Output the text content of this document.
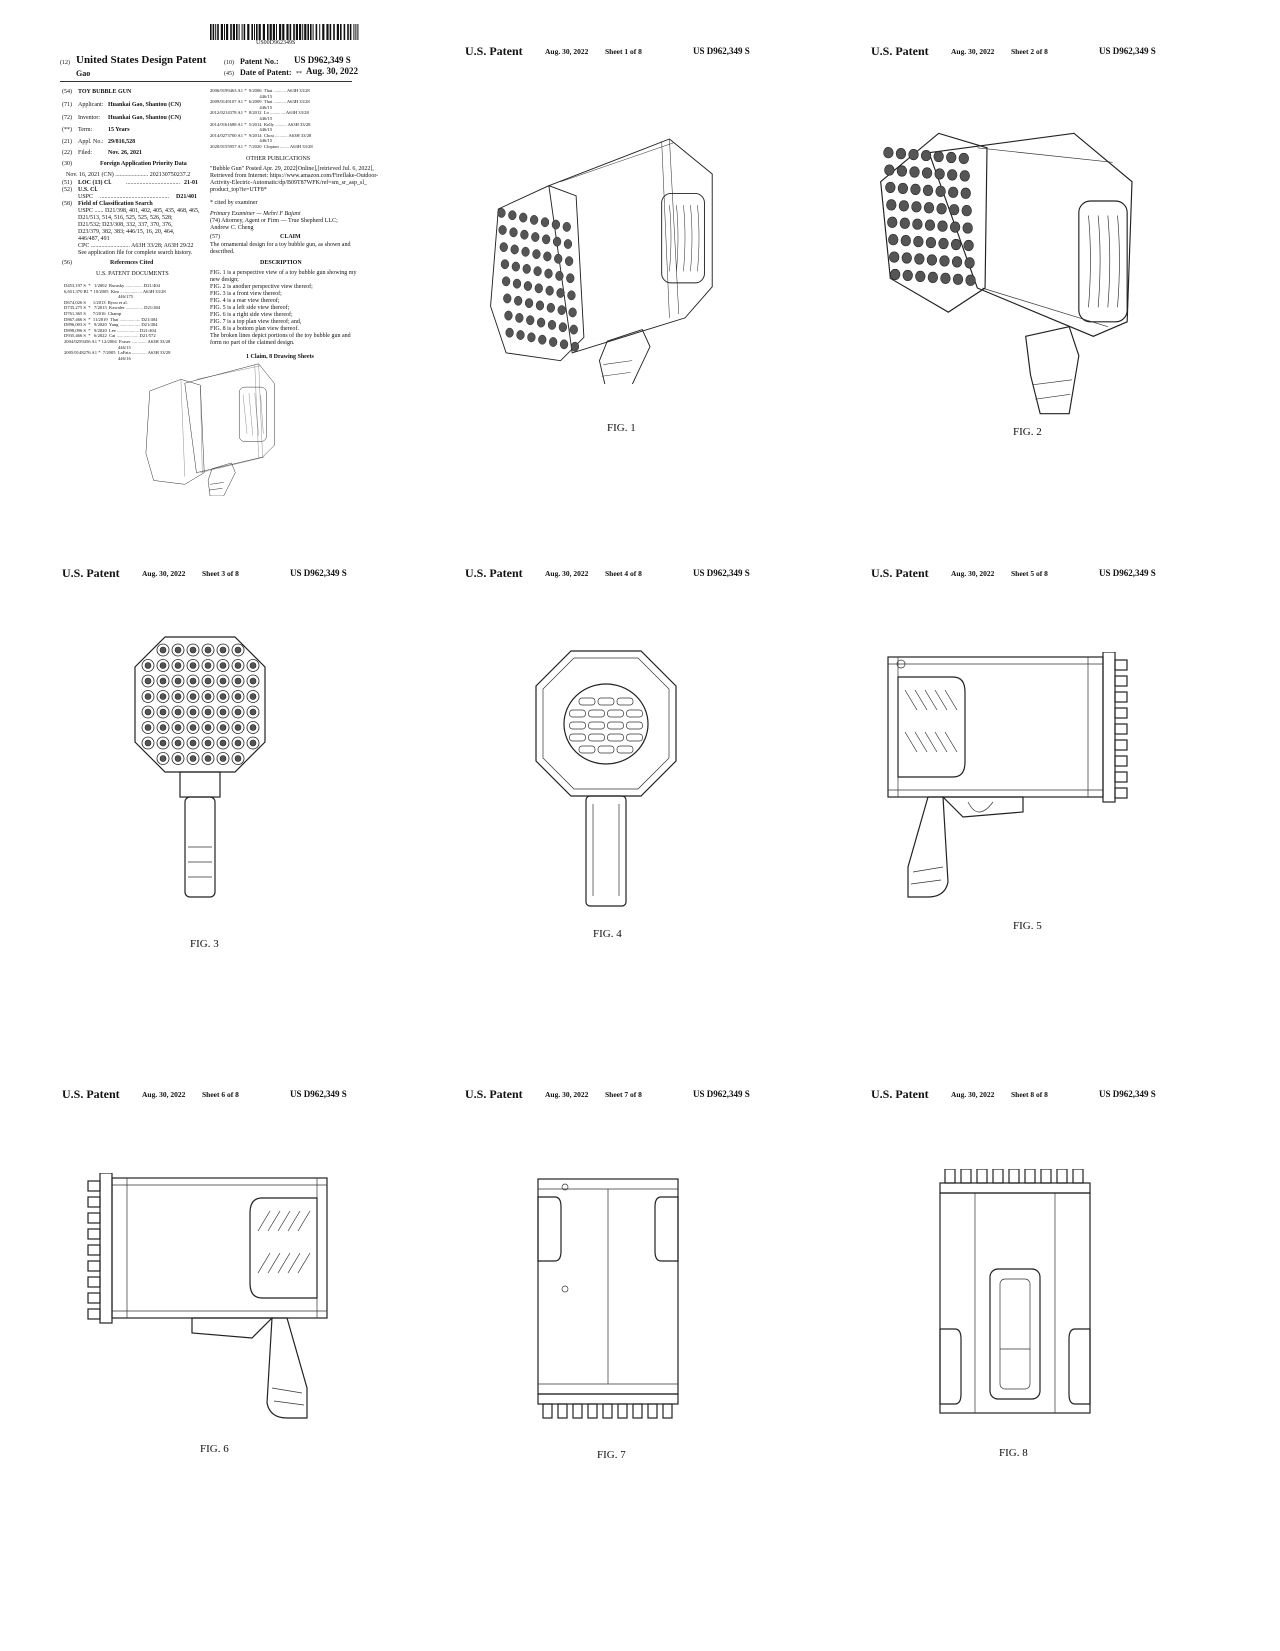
US00D962349S
(12) United States Design Patent
Gao
(10) Patent No.: US D962,349 S
(45) Date of Patent: ** Aug. 30, 2022
(54) TOY BUBBLE GUN
(71) Applicant: Huankai Gao, Shantou (CN)
(72) Inventor: Huankai Gao, Shantou (CN)
(**) Term:	15 Years
(21) Appl. No.: 29/816,528
(22) Filed:	Nov. 26, 2021
(30)	Foreign Application Priority Data
Nov. 16, 2021 (CN) ...................... 202130750237.2
(51) LOC (13) Cl. .................................... 21-01
(52) U.S. Cl.
USPC .............................................. D21/401
(58) Field of Classification Search
USPC ...... D21/398, 401, 402, 405, 435, 468, 465,
D21/513, 514, 516, 525, 525, 526, 528;
D21/532; D23/308, 332, 337, 370, 376,
D23/379, 382, 383; 446/15, 16, 20, 464,
446/487, 491
CPC .......................... A63H 33/28; A63H 29/22
See application file for complete search history.
(56)	References Cited
U.S. PATENT DOCUMENTS
D453,197 S  *   1/2002  Rurasky ............... D21/404
6,651,370 B1 * 10/2005  Kim ................... A63H 33/28
446/175
D674,026 S      1/2013  Ryou et al.
D735,275 S  *   7/2015  Kawaler ............... D21/404
D761,365 S      7/2016  Champ
D867,466 S  *  11/2019  Thai .................. D21/404
D896,003 S  *   9/2020  Yang .................. D21/404
D898,096 S  *   9/2020  Lee ................... D21/404
D935,466 S  *   6/2022  Cai ................... D21/572
2004/0259456 A1 * 12/2004  Fraser ............. A63H 33/28
446/15
2005/0148276 A1 *  7/2005  LaFata ............. A63H 33/28
446/16
2006/0199463 A1 *  9/2006  Thai ........... A63H 33/28
446/15
2009/0149107 A1 *  6/2009  Thai ........... A63H 33/28
446/15
2012/0214378 A1 *  8/2012  Lo ............. A63H 33/28
446/15
2014/0161688 A1 *  5/2014  Kelly .......... A63H 33/28
446/15
2014/0273700 A1 *  9/2014  Chou ........... A63H 33/28
446/15
2020/0155957 A1 *  7/2020  Clopton ........ A63H 33/28
OTHER PUBLICATIONS
"Bubble Gun" Posted Apr. 29, 2022[Online],[retrieved Jul. 6, 2022],
Retrieved from Internet: https://www.amazon.com/Fireflake-Outdoor-
Activity-Electric-Automatic/dp/B09T87WFK/ref=sm_sr_asp_sl_
product_top?ie=UTF8*
* cited by examiner
Primary Examiner — Mehri F Bajani
(74) Attorney, Agent or Firm — True Shepherd LLC;
Andrew C. Cheng
(57)	CLAIM
The ornamental design for a toy bubble gun, as shown and
described.
DESCRIPTION
FIG. 1 is a perspective view of a toy bubble gun showing my
new design;
FIG. 2 is another perspective view thereof;
FIG. 3 is a front view thereof;
FIG. 4 is a rear view thereof;
FIG. 5 is a left side view thereof;
FIG. 6 is a right side view thereof;
FIG. 7 is a top plan view thereof; and,
FIG. 8 is a bottom plan view thereof.
The broken lines depict portions of the toy bubble gun and
form no part of the claimed design.
1 Claim, 8 Drawing Sheets
U.S. Patent	Aug. 30, 2022 Sheet 1 of 8	US D962,349 S
FIG. 1
U.S. Patent	Aug. 30, 2022 Sheet 2 of 8	US D962,349 S
FIG. 2
U.S. Patent	Aug. 30, 2022 Sheet 3 of 8	US D962,349 S
FIG. 3
U.S. Patent	Aug. 30, 2022 Sheet 4 of 8	US D962,349 S
FIG. 4
U.S. Patent	Aug. 30, 2022 Sheet 5 of 8	US D962,349 S
FIG. 5
U.S. Patent	Aug. 30, 2022 Sheet 6 of 8	US D962,349 S
FIG. 6
U.S. Patent	Aug. 30, 2022 Sheet 7 of 8	US D962,349 S
FIG. 7
U.S. Patent	Aug. 30, 2022 Sheet 8 of 8	US D962,349 S
FIG. 8
